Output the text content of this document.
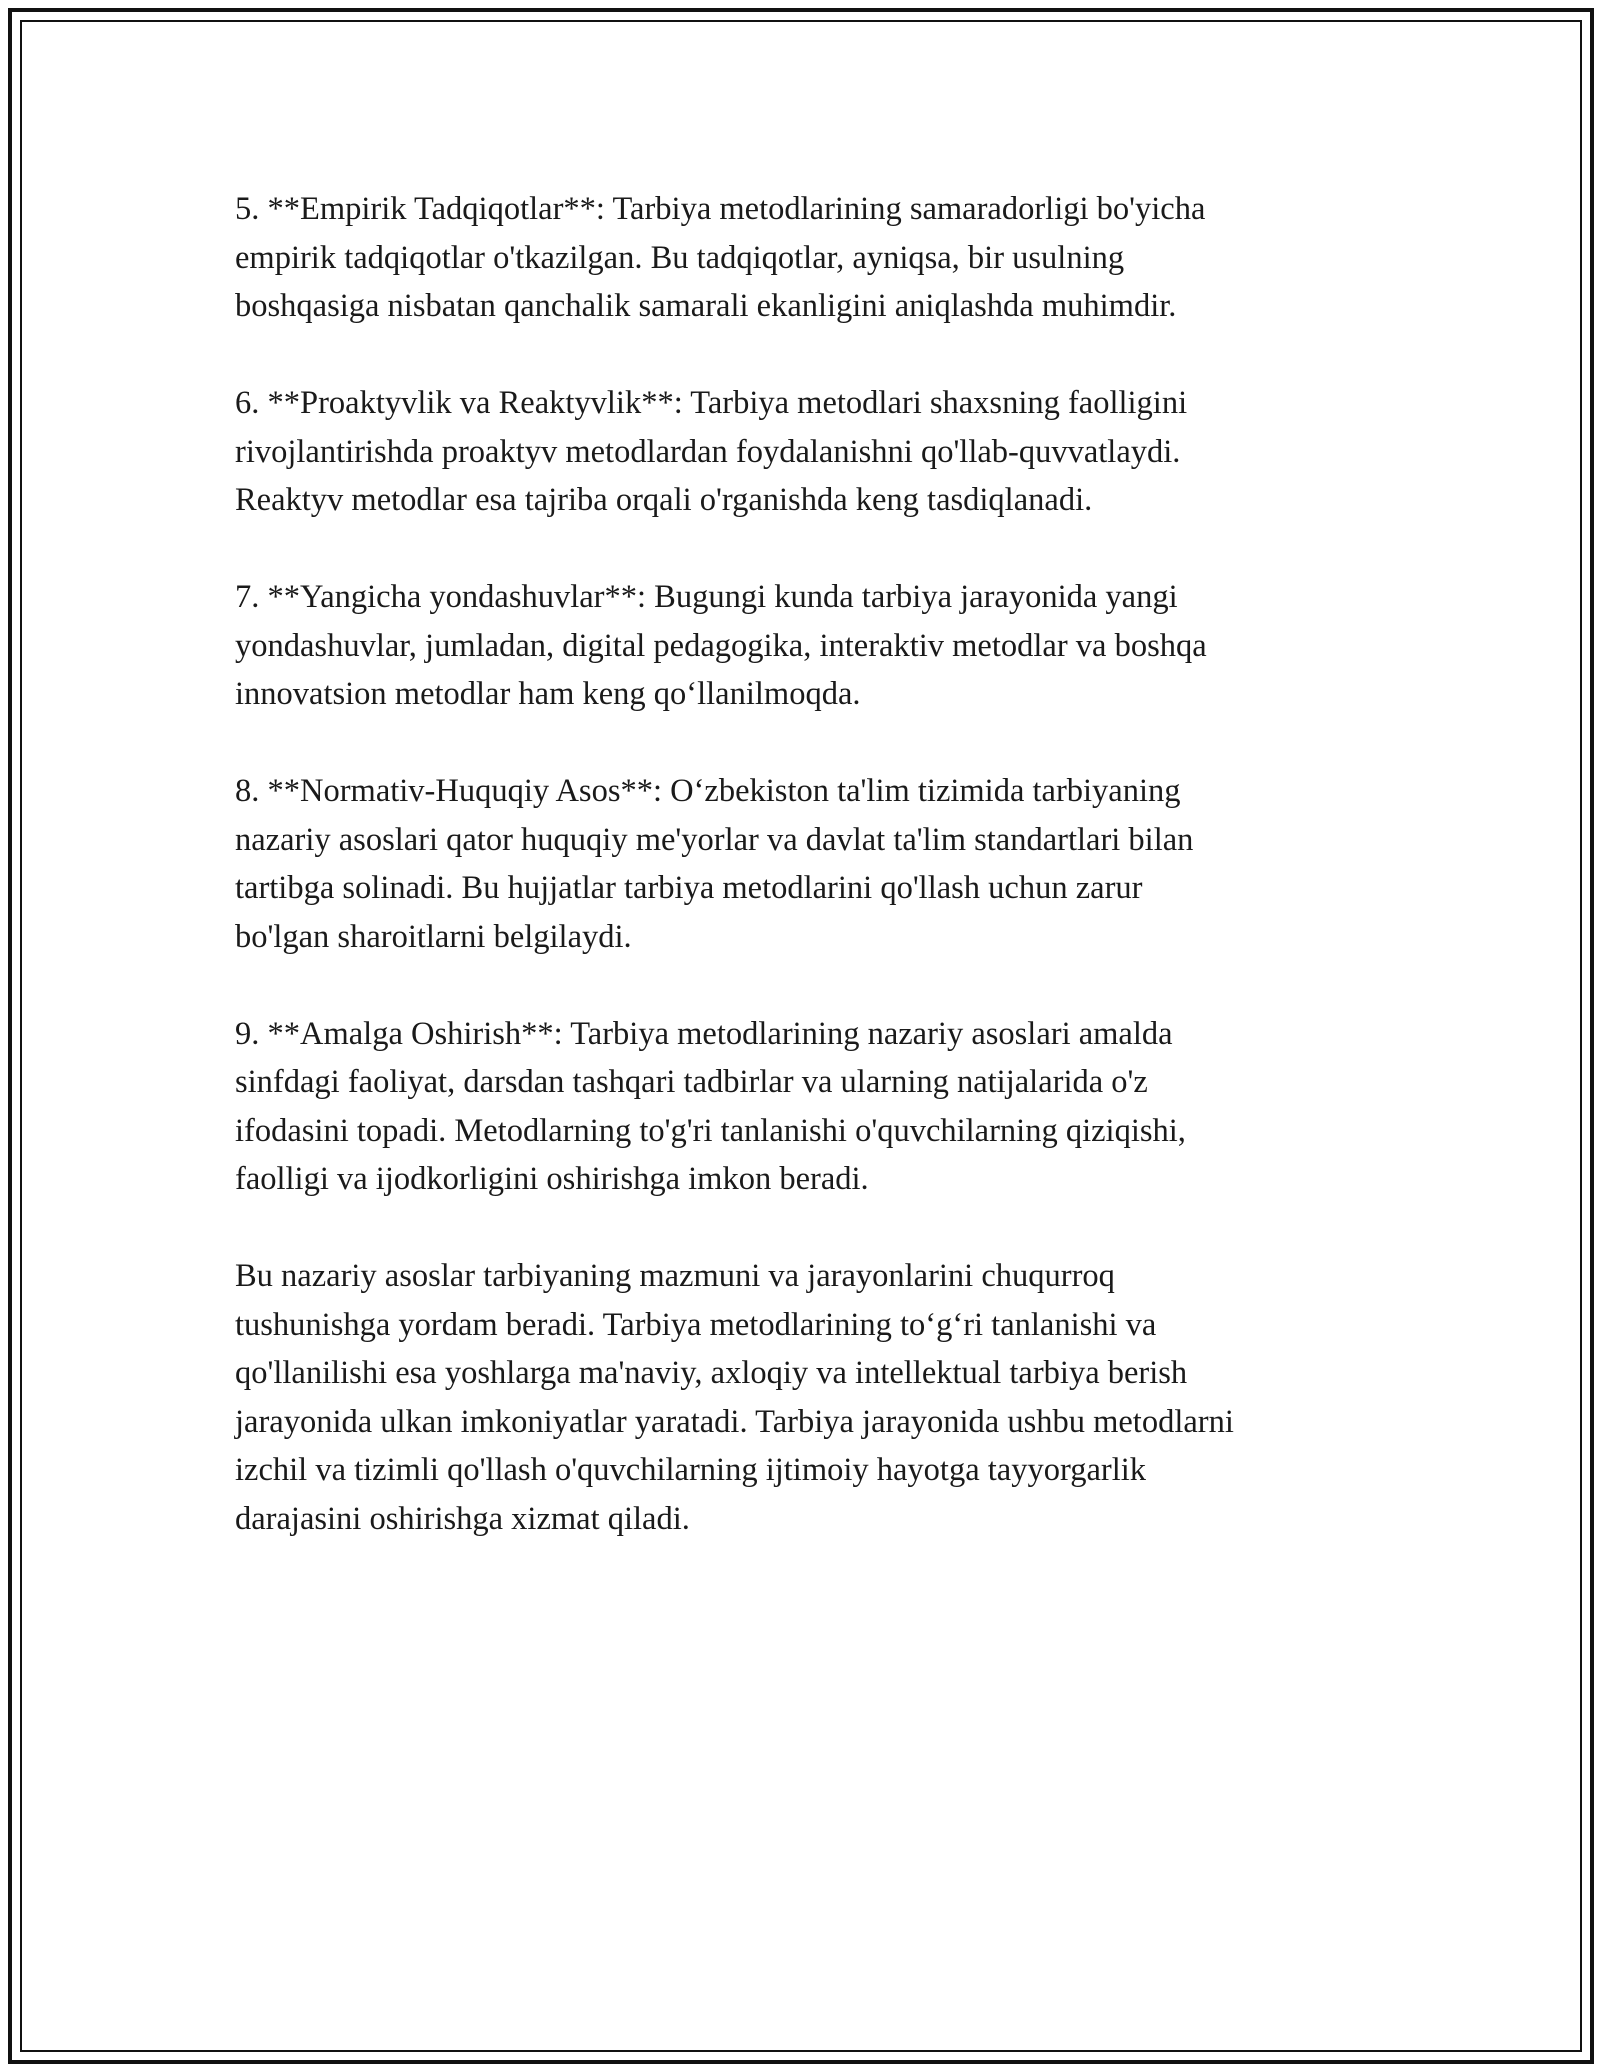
5. **Empirik Tadqiqotlar**: Tarbiya metodlarining samaradorligi bo'yicha
empirik tadqiqotlar o'tkazilgan. Bu tadqiqotlar, ayniqsa, bir usulning
boshqasiga nisbatan qanchalik samarali ekanligini aniqlashda muhimdir.

6. **Proaktyvlik va Reaktyvlik**: Tarbiya metodlari shaxsning faolligini
rivojlantirishda proaktyv metodlardan foydalanishni qo'llab-quvvatlaydi.
Reaktyv metodlar esa tajriba orqali o'rganishda keng tasdiqlanadi.

7. **Yangicha yondashuvlar**: Bugungi kunda tarbiya jarayonida yangi
yondashuvlar, jumladan, digital pedagogika, interaktiv metodlar va boshqa
innovatsion metodlar ham keng qo‘llanilmoqda.

8. **Normativ-Huquqiy Asos**: O‘zbekiston ta'lim tizimida tarbiyaning
nazariy asoslari qator huquqiy me'yorlar va davlat ta'lim standartlari bilan
tartibga solinadi. Bu hujjatlar tarbiya metodlarini qo'llash uchun zarur
bo'lgan sharoitlarni belgilaydi.

9. **Amalga Oshirish**: Tarbiya metodlarining nazariy asoslari amalda
sinfdagi faoliyat, darsdan tashqari tadbirlar va ularning natijalarida o'z
ifodasini topadi. Metodlarning to'g'ri tanlanishi o'quvchilarning qiziqishi,
faolligi va ijodkorligini oshirishga imkon beradi.

Bu nazariy asoslar tarbiyaning mazmuni va jarayonlarini chuqurroq
tushunishga yordam beradi. Tarbiya metodlarining to‘g‘ri tanlanishi va
qo'llanilishi esa yoshlarga ma'naviy, axloqiy va intellektual tarbiya berish
jarayonida ulkan imkoniyatlar yaratadi. Tarbiya jarayonida ushbu metodlarni
izchil va tizimli qo'llash o'quvchilarning ijtimoiy hayotga tayyorgarlik
darajasini oshirishga xizmat qiladi.
